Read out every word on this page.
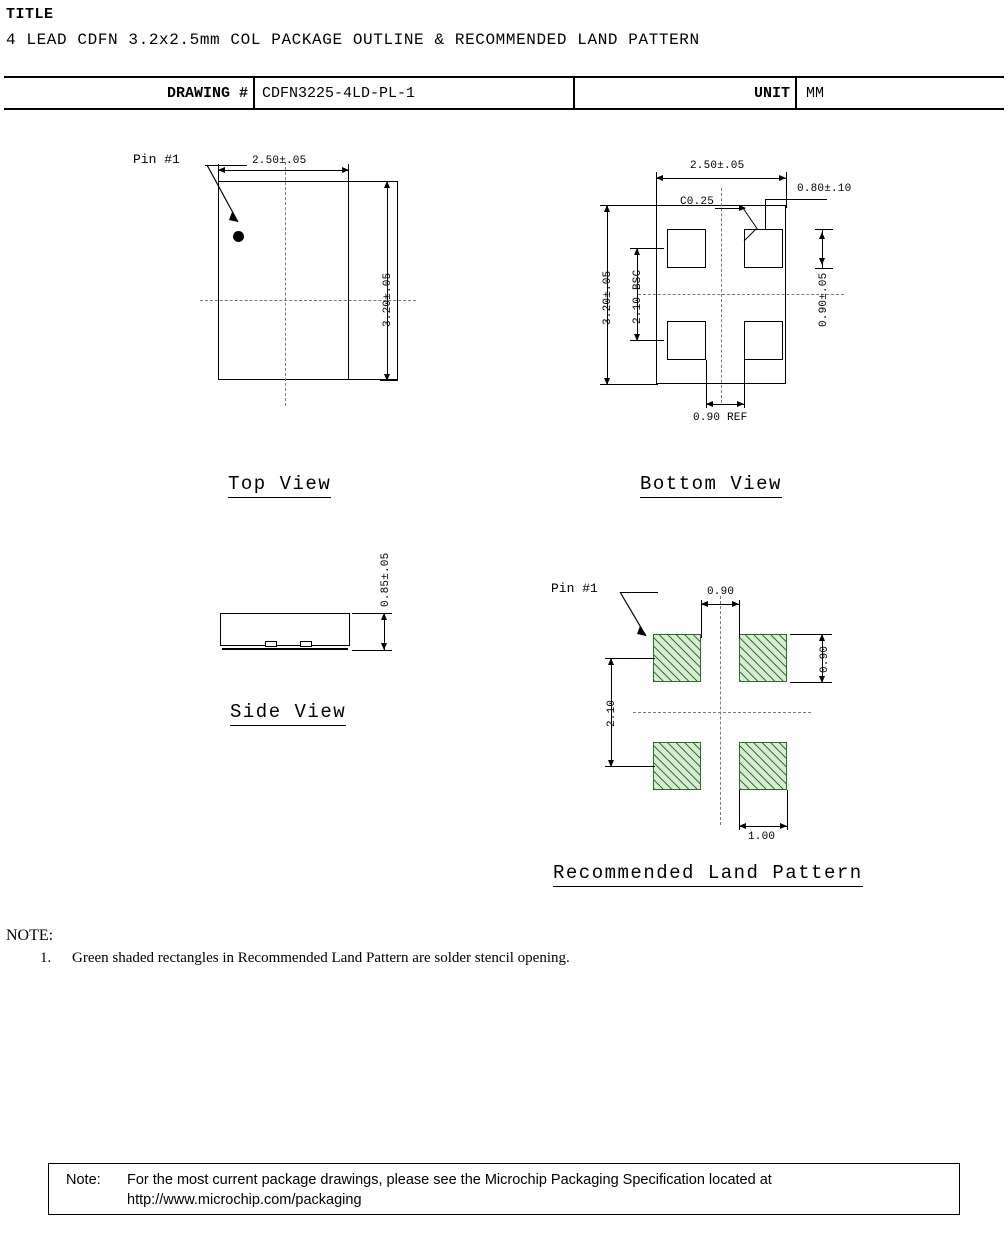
TITLE
4 LEAD CDFN 3.2x2.5mm COL PACKAGE OUTLINE & RECOMMENDED LAND PATTERN
DRAWING # CDFN3225-4LD-PL-1	UNIT	MM
Pin #1	2.50±.05
3.20±.05
Top View
2.50±.05
C0.25
0.80±.10
0.90±.05
3.20±.05 2.10 BSC
0.90 REF
Bottom View
0.85±.05
Side View
Pin #1	0.90
0.90
2.10
1.00
Recommended Land Pattern
NOTE:
1. Green shaded rectangles in Recommended Land Pattern are solder stencil opening.
Note: For the most current package drawings, please see the Microchip Packaging Specification located at
http://www.microchip.com/packaging
